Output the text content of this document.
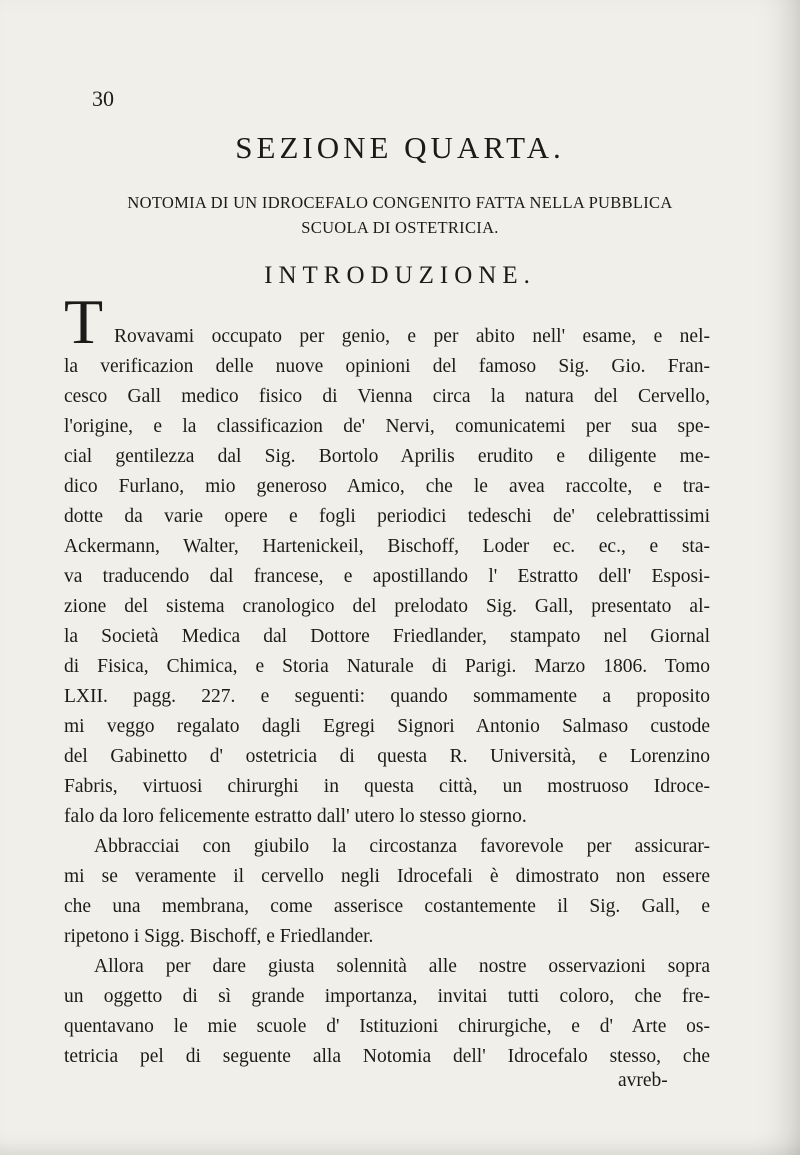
30
SEZIONE QUARTA.
NOTOMIA DI UN IDROCEFALO CONGENITO FATTA NELLA PUBBLICA
SCUOLA DI OSTETRICIA.
INTRODUZIONE.
T Rovavami occupato per genio, e per abito nell' esame, e nel-
la verificazion delle nuove opinioni del famoso Sig. Gio. Fran-
cesco Gall medico fisico di Vienna circa la natura del Cervello,
l'origine, e la classificazion de' Nervi, comunicatemi per sua spe-
cial gentilezza dal Sig. Bortolo Aprilis erudito e diligente me-
dico Furlano, mio generoso Amico, che le avea raccolte, e tra-
dotte da varie opere e fogli periodici tedeschi de' celebrattissimi
Ackermann, Walter, Hartenickeil, Bischoff, Loder ec. ec., e sta-
va traducendo dal francese, e apostillando l' Estratto dell' Esposi-
zione del sistema cranologico del prelodato Sig. Gall, presentato al-
la Società Medica dal Dottore Friedlander, stampato nel Giornal
di Fisica, Chimica, e Storia Naturale di Parigi. Marzo 1806. Tomo
LXII. pagg. 227. e seguenti: quando sommamente a proposito
mi veggo regalato dagli Egregi Signori Antonio Salmaso custode
del Gabinetto d' ostetricia di questa R. Università, e Lorenzino
Fabris, virtuosi chirurghi in questa città, un mostruoso Idroce-
falo da loro felicemente estratto dall' utero lo stesso giorno.
Abbracciai con giubilo la circostanza favorevole per assicurar-
mi se veramente il cervello negli Idrocefali è dimostrato non essere
che una membrana, come asserisce costantemente il Sig. Gall, e
ripetono i Sigg. Bischoff, e Friedlander.
Allora per dare giusta solennità alle nostre osservazioni sopra
un oggetto di sì grande importanza, invitai tutti coloro, che fre-
quentavano le mie scuole d' Istituzioni chirurgiche, e d' Arte os-
tetricia pel di seguente alla Notomia dell' Idrocefalo stesso, che
avreb-
